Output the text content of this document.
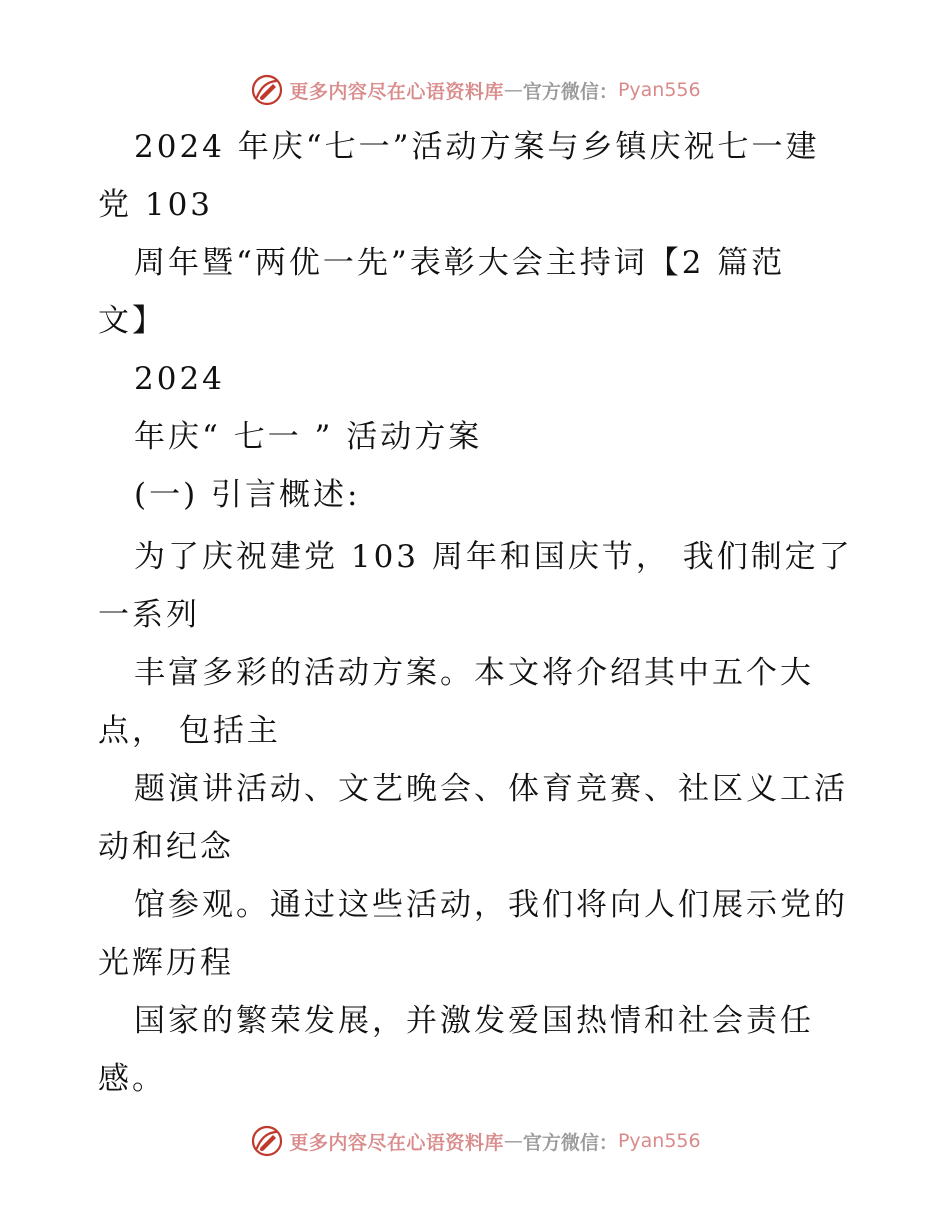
更多内容尽在心语资料库 — 官方微信： Pyan556
2024 年庆“七一”活动方案与乡镇庆祝七一建
党 103
周年暨“两优一先”表彰大会主持词【2 篇范
文】
2024
年庆“ 七一 ” 活动方案
(一) 引言概述:
为了庆祝建党 103 周年和国庆节， 我们制定了
一系列
丰富多彩的活动方案。本文将介绍其中五个大
点， 包括主
题演讲活动、文艺晚会、体育竞赛、社区义工活
动和纪念
馆参观。通过这些活动，我们将向人们展示党的
光辉历程
国家的繁荣发展，并激发爱国热情和社会责任
感。
更多内容尽在心语资料库 — 官方微信： Pyan556
